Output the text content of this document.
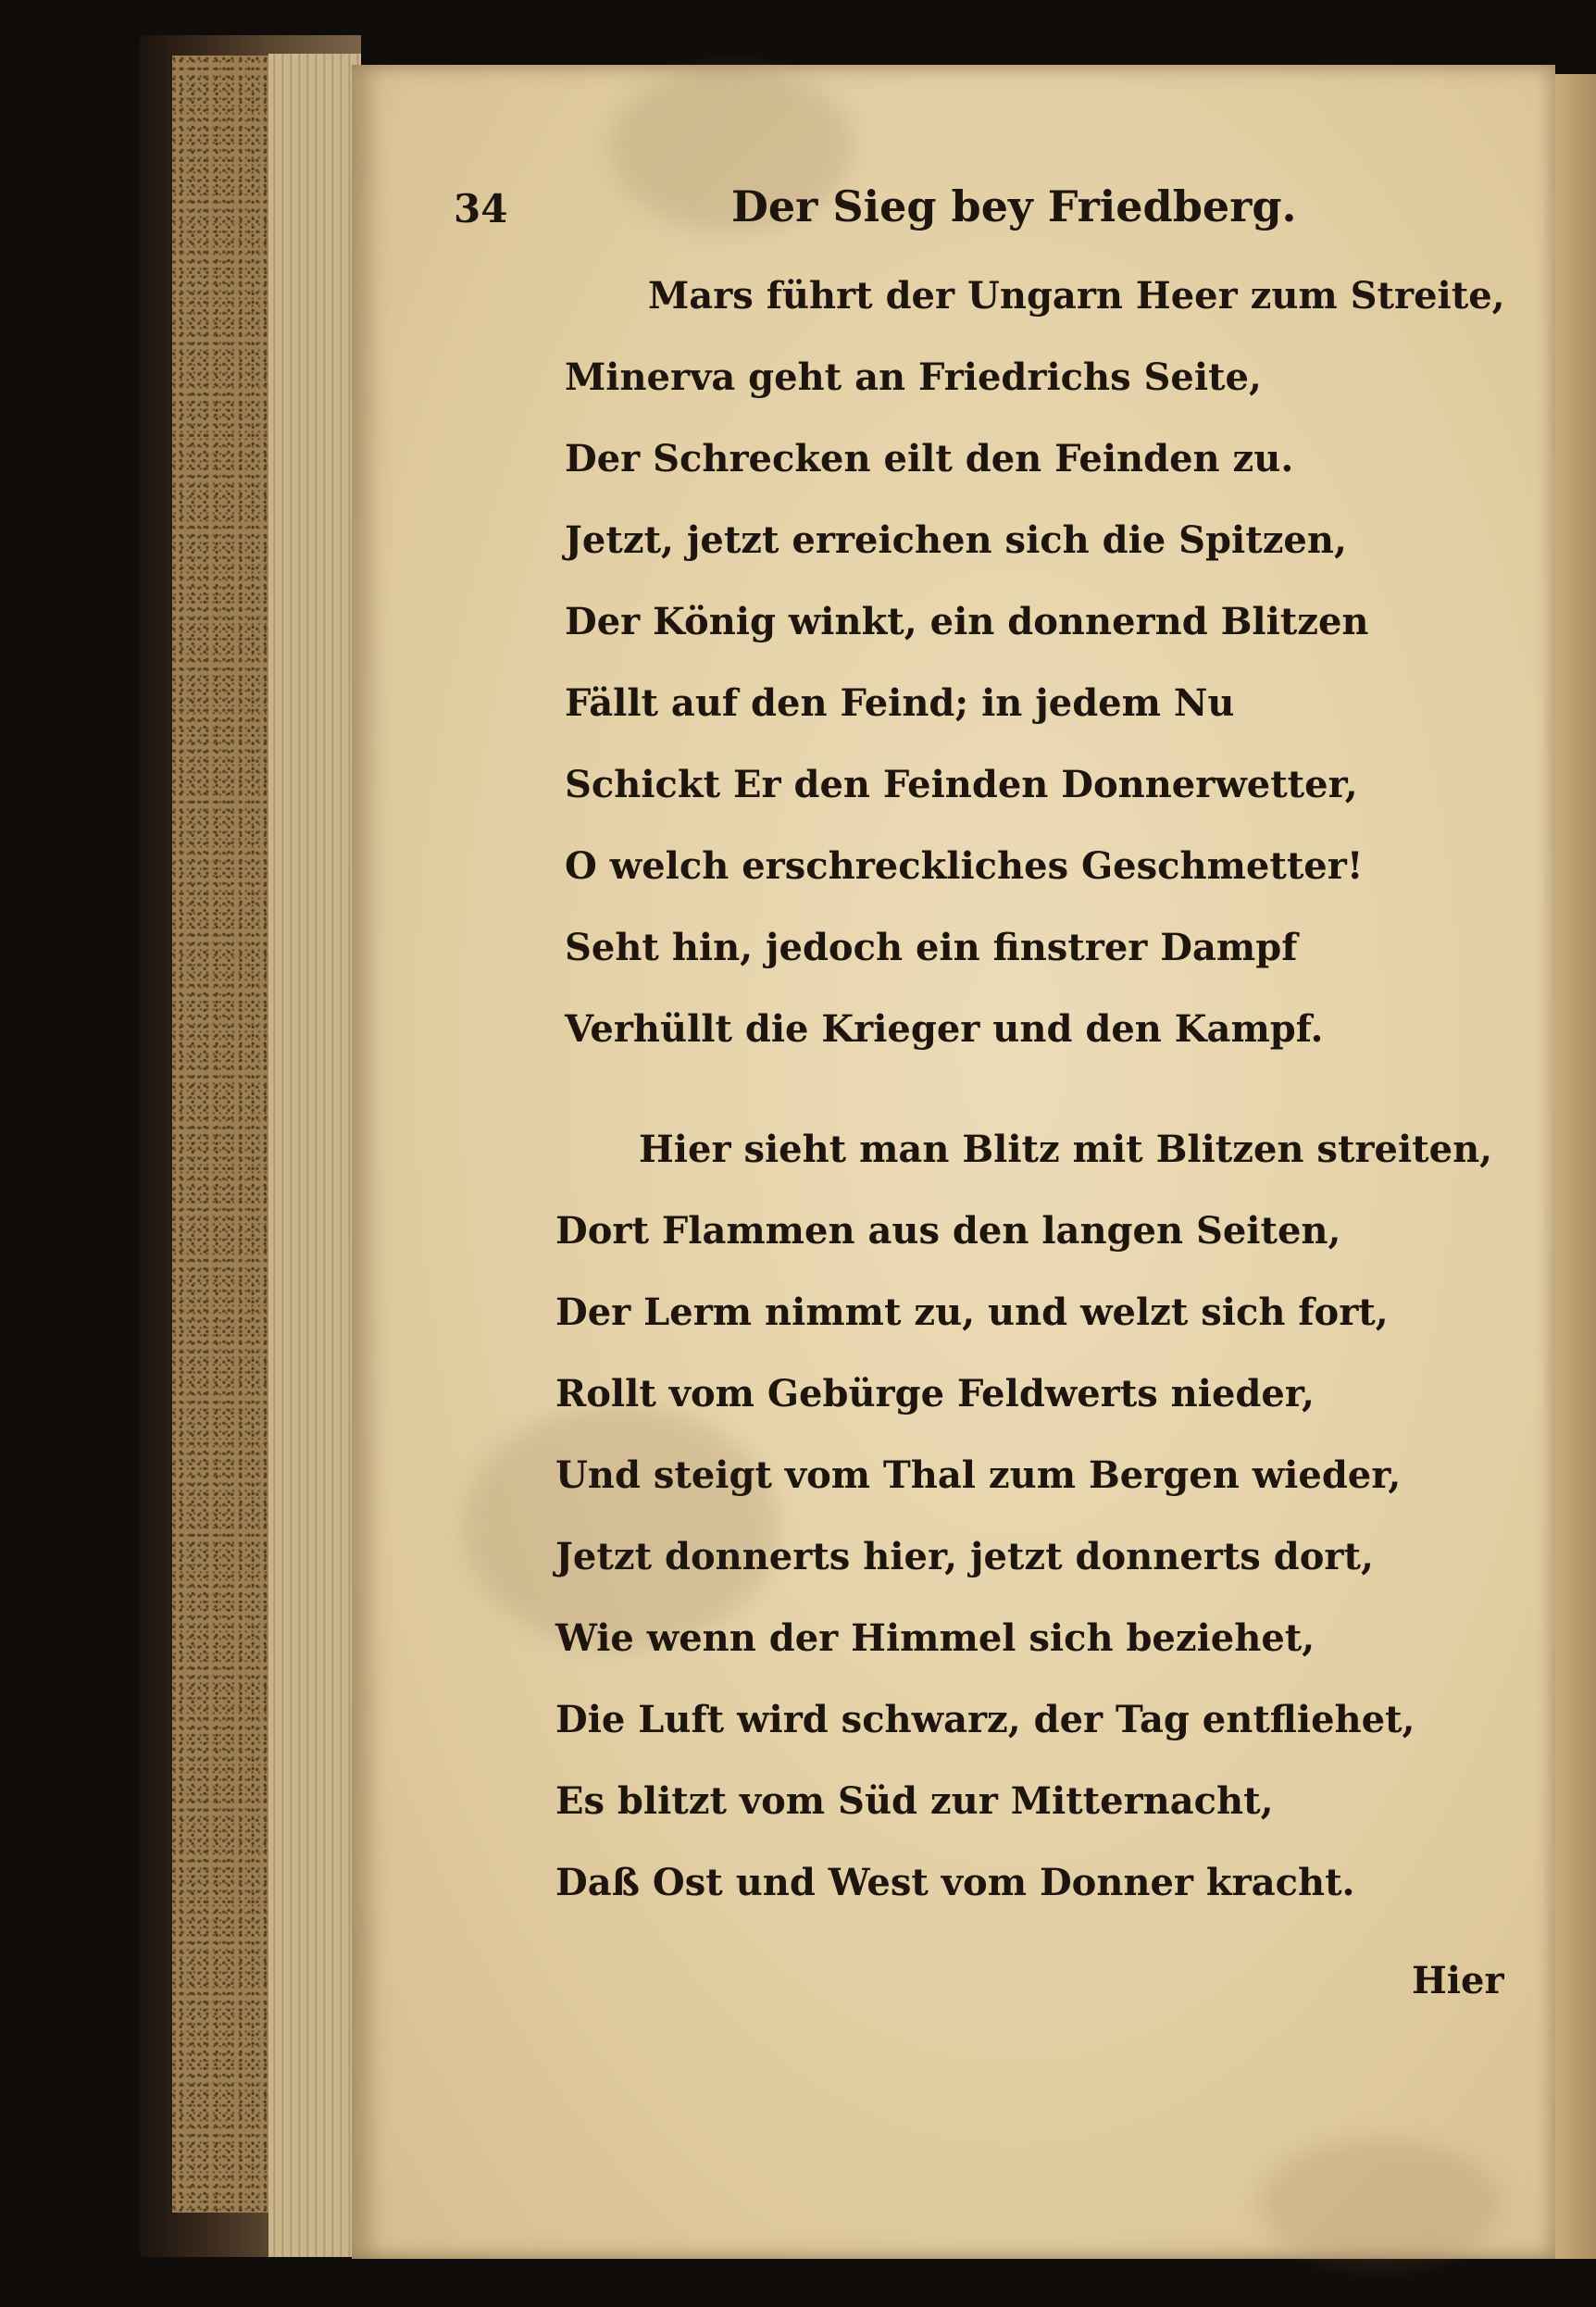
34	Der Sieg bey Friedberg.

Mars führt der Ungarn Heer zum Streite,

Minerva geht an Friedrichs Seite,

Der Schrecken eilt den Feinden zu.

Jetzt, jetzt erreichen sich die Spitzen,

Der König winkt, ein donnernd Blitzen

Fällt auf den Feind; in jedem Nu

Schickt Er den Feinden Donnerwetter,

O welch erschreckliches Geschmetter!

Seht hin, jedoch ein finstrer Dampf

Verhüllt die Krieger und den Kampf.

Hier sieht man Blitz mit Blitzen streiten,

Dort Flammen aus den langen Seiten,

Der Lerm nimmt zu, und welzt sich fort,

Rollt vom Gebürge Feldwerts nieder,

Und steigt vom Thal zum Bergen wieder,

Jetzt donnerts hier, jetzt donnerts dort,

Wie wenn der Himmel sich beziehet,

Die Luft wird schwarz, der Tag entfliehet,

Es blitzt vom Süd zur Mitternacht,

Daß Ost und West vom Donner kracht.

Hier
